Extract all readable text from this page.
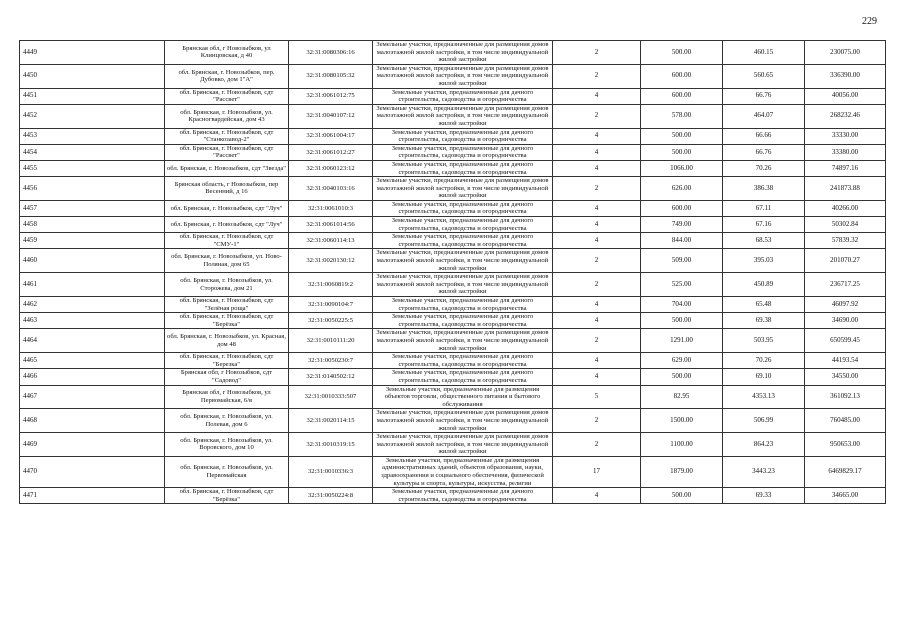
229
4449	Брянская обл, г Новозыбков, ул Клинцовская, д 40	32:31:0080306:16	Земельные участки, предназначенные для размещения домов малоэтажной жилой застройки, в том числе индивидуальной жилой застройки	2	500.00	460.15	230075.00
4450	обл. Брянская, г. Новозыбков, пер. Дубовко, дом 1"А"	32:31:0080105:32	Земельные участки, предназначенные для размещения домов малоэтажной жилой застройки, в том числе индивидуальной жилой застройки	2	600.00	560.65	336390.00
4451	обл. Брянская, г. Новозыбков, сдт "Рассвет"	32:31:0061012:75	Земельные участки, предназначенные для дачного строительства, садоводства и огородничества	4	600.00	66.76	40056.00
4452	обл. Брянская, г. Новозыбков, ул. Красногвардейская, дом 43	32:31:0040107:12	Земельные участки, предназначенные для размещения домов малоэтажной жилой застройки, в том числе индивидуальной жилой застройки	2	578.00	464.07	268232.46
4453	обл. Брянская, г. Новозыбков, сдт "Станкозавод-2"	32:31:0061004:17	Земельные участки, предназначенные для дачного строительства, садоводства и огородничества	4	500.00	66.66	33330.00
4454	обл. Брянская, г. Новозыбков, сдт "Рассвет"	32:31:0061012:27	Земельные участки, предназначенные для дачного строительства, садоводства и огородничества	4	500.00	66.76	33380.00
4455	обл. Брянская, г. Новозыбков, сдт "Звезда"	32:31:0060123:12	Земельные участки, предназначенные для дачного строительства, садоводства и огородничества	4	1066.00	70.26	74897.16
4456	Брянская область, г Новозыбков, пер Весенний, д 16	32:31:0040103:16	Земельные участки, предназначенные для размещения домов малоэтажной жилой застройки, в том числе индивидуальной жилой застройки	2	626.00	386.38	241873.88
4457	обл. Брянская, г. Новозыбков, сдт "Луч"	32:31:0061010:3	Земельные участки, предназначенные для дачного строительства, садоводства и огородничества	4	600.00	67.11	40266.00
4458	обл. Брянская, г. Новозыбков, сдт "Луч"	32:31:0061014:56	Земельные участки, предназначенные для дачного строительства, садоводства и огородничества	4	749.00	67.16	50302.84
4459	обл. Брянская, г. Новозыбков, сдт "СМУ-1"	32:31:0060114:13	Земельные участки, предназначенные для дачного строительства, садоводства и огородничества	4	844.00	68.53	57839.32
4460	обл. Брянская, г. Новозыбков, ул. Ново-Поляная, дом 65	32:31:0020130:12	Земельные участки, предназначенные для размещения домов малоэтажной жилой застройки, в том числе индивидуальной жилой застройки	2	509.00	395.03	201070.27
4461	обл. Брянская, г. Новозыбков, ул. Сторожева, дом 21	32:31:0060819:2	Земельные участки, предназначенные для размещения домов малоэтажной жилой застройки, в том числе индивидуальной жилой застройки	2	525.00	450.89	236717.25
4462	обл. Брянская, г. Новозыбков, сдт "Зелёная роща"	32:31:0090104:7	Земельные участки, предназначенные для дачного строительства, садоводства и огородничества	4	704.00	65.48	46097.92
4463	обл. Брянская, г. Новозыбков, сдт "Берёзка"	32:31:0050225:5	Земельные участки, предназначенные для дачного строительства, садоводства и огородничества	4	500.00	69.38	34690.00
4464	обл. Брянская, г. Новозыбков, ул. Красная, дом 48	32:31:0010111:20	Земельные участки, предназначенные для размещения домов малоэтажной жилой застройки, в том числе индивидуальной жилой застройки	2	1291.00	503.95	650599.45
4465	обл. Брянская, г. Новозыбков, сдт "Березка"	32:31:0050230:7	Земельные участки, предназначенные для дачного строительства, садоводства и огородничества	4	629.00	70.26	44193.54
4466	Брянская обл, г Новозыбков, сдт "Садовод"	32:31:0140502:12	Земельные участки, предназначенные для дачного строительства, садоводства и огородничества	4	500.00	69.10	34550.00
4467	Брянская обл, г Новозыбков, ул Первомайская, 6/в	32:31:0010333:507	Земельные участки, предназначенные для размещения объектов торговли, общественного питания и бытового обслуживания	5	82.95	4353.13	361092.13
4468	обл. Брянская, г. Новозыбков, ул. Полевая, дом 6	32:31:0020114:15	Земельные участки, предназначенные для размещения домов малоэтажной жилой застройки, в том числе индивидуальной жилой застройки	2	1500.00	506.99	760485.00
4469	обл. Брянская, г. Новозыбков, ул. Воровского, дом 10	32:31:0010319:15	Земельные участки, предназначенные для размещения домов малоэтажной жилой застройки, в том числе индивидуальной жилой застройки	2	1100.00	864.23	950653.00
4470	обл. Брянская, г. Новозыбков, ул. Первомайская	32:31:0010336:3	Земельные участки, предназначенные для размещения административных зданий, объектов образования, науки, здравоохранения и социального обеспечения, физической культуры и спорта, культуры, искусства, религии	17	1879.00	3443.23	6469829.17
4471	обл. Брянская, г. Новозыбков, сдт "Берёзка"	32:31:0050224:8	Земельные участки, предназначенные для дачного строительства, садоводства и огородничества	4	500.00	69.33	34665.00
